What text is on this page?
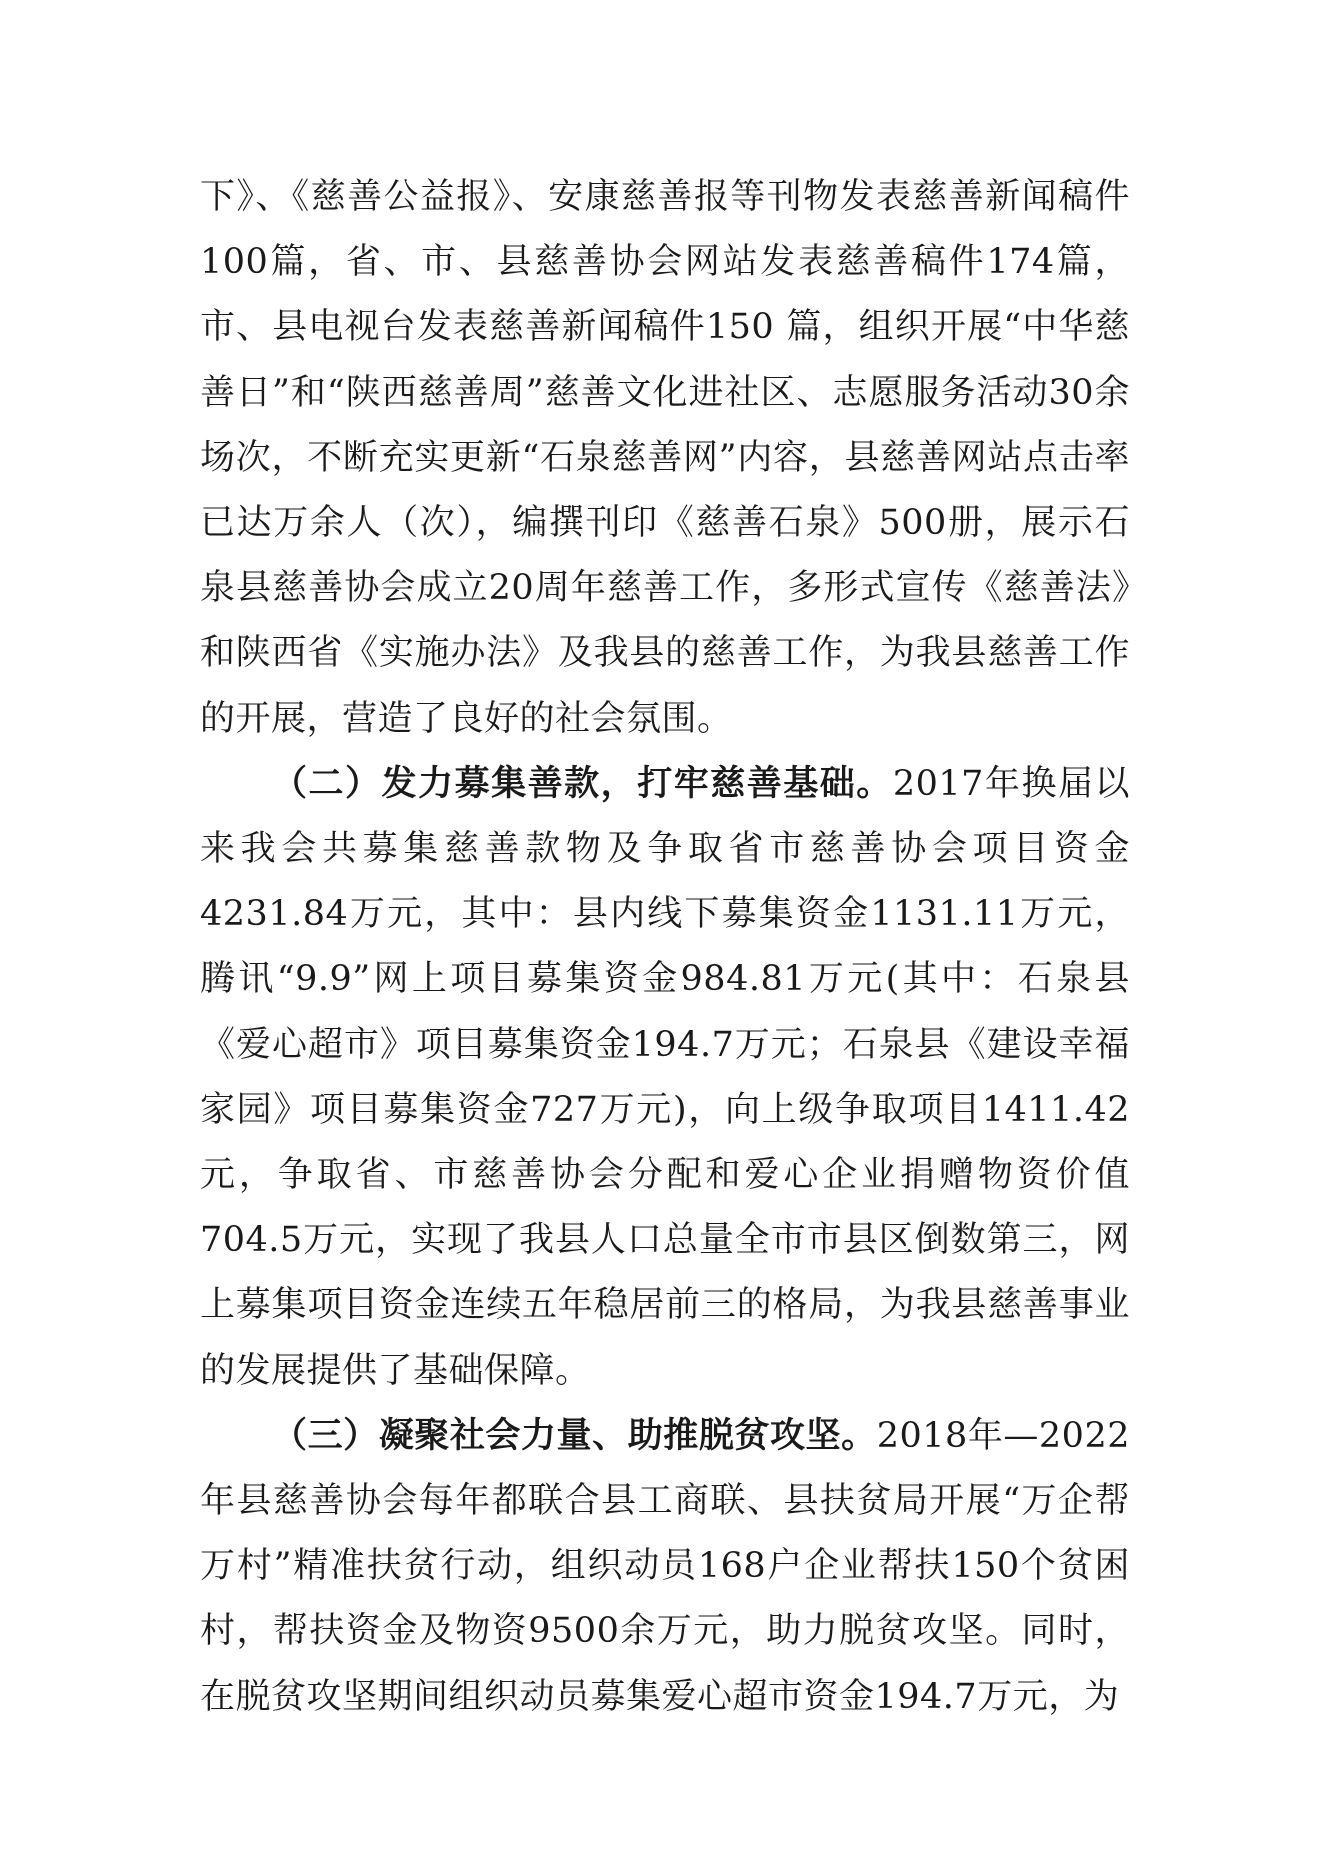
下》、《慈善公益报》、安康慈善报等刊物发表慈善新闻稿件100篇，省、市、县慈善协会网站发表慈善稿件174篇，市、县电视台发表慈善新闻稿件150 篇，组织开展“中华慈善日”和“陕西慈善周”慈善文化进社区、志愿服务活动30余场次，不断充实更新“石泉慈善网”内容，县慈善网站点击率已达万余人（次），编撰刊印《慈善石泉》500册，展示石泉县慈善协会成立20周年慈善工作，多形式宣传《慈善法》和陕西省《实施办法》及我县的慈善工作，为我县慈善工作的开展，营造了良好的社会氛围。

（二）发力募集善款，打牢慈善基础。2017年换届以来我会共募集慈善款物及争取省市慈善协会项目资金4231.84万元，其中：县内线下募集资金1131.11万元，腾讯“9.9”网上项目募集资金984.81万元(其中：石泉县《爱心超市》项目募集资金194.7万元；石泉县《建设幸福家园》项目募集资金727万元)，向上级争取项目1411.42元，争取省、市慈善协会分配和爱心企业捐赠物资价值704.5万元，实现了我县人口总量全市市县区倒数第三，网上募集项目资金连续五年稳居前三的格局，为我县慈善事业的发展提供了基础保障。

（三）凝聚社会力量、助推脱贫攻坚。2018年—2022年县慈善协会每年都联合县工商联、县扶贫局开展“万企帮万村”精准扶贫行动，组织动员168户企业帮扶150个贫困村，帮扶资金及物资9500余万元，助力脱贫攻坚。同时，在脱贫攻坚期间组织动员募集爱心超市资金194.7万元，为
